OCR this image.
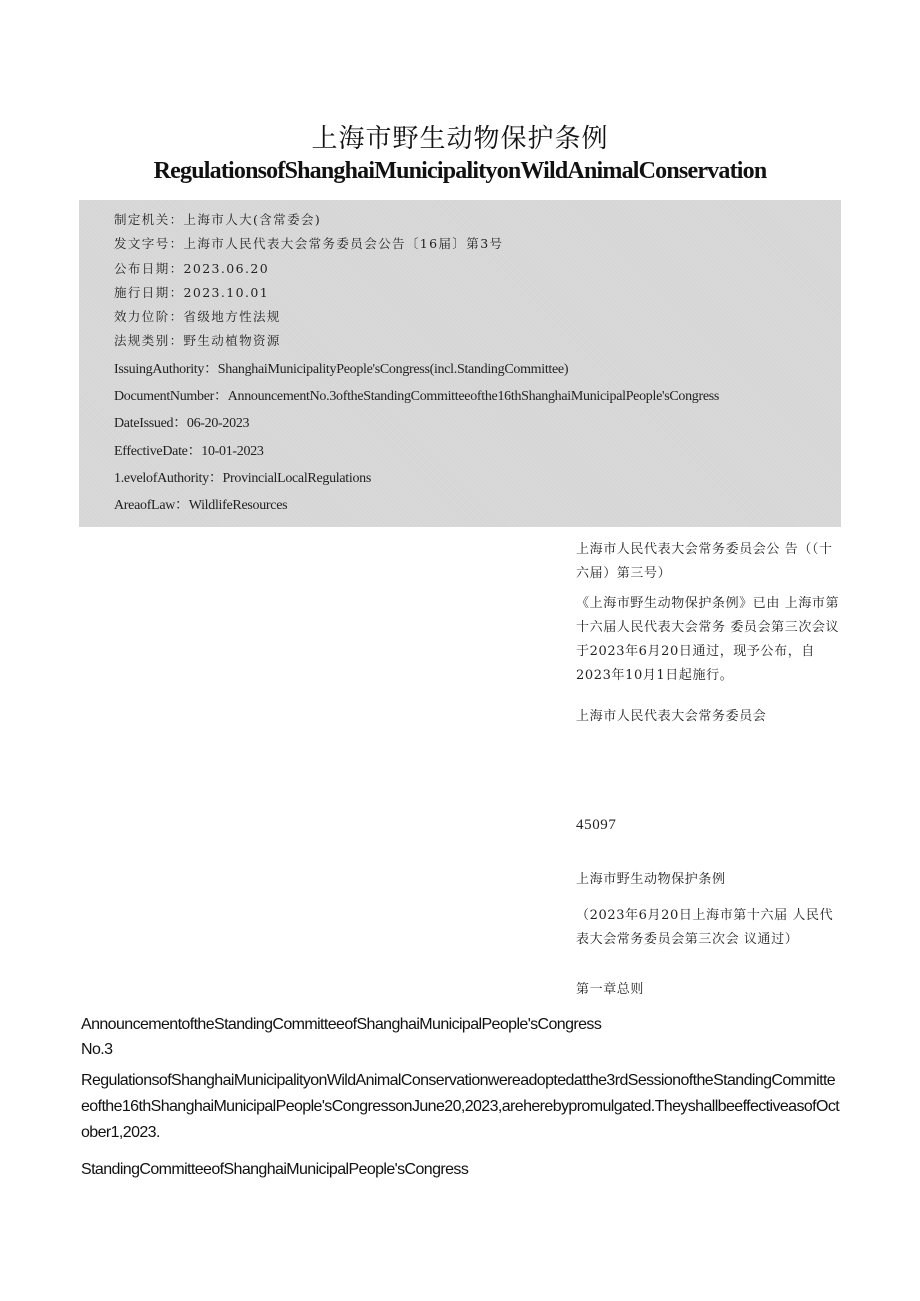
上海市野生动物保护条例
RegulationsofShanghaiMunicipalityonWildAnimalConservation
制定机关：上海市人大(含常委会)
发文字号：上海市人民代表大会常务委员会公告〔16届〕第3号
公布日期：2023.06.20
施行日期：2023.10.01
效力位阶：省级地方性法规
法规类别：野生动植物资源
IssuingAuthority：ShanghaiMunicipalityPeople'sCongress(incl.StandingCommittee)
DocumentNumber：AnnouncementNo.3oftheStandingCommitteeofthe16thShanghaiMunicipalPeople'sCongress
DateIssued：06-20-2023
EffectiveDate：10-01-2023
1.evelofAuthority：ProvincialLocalRegulations
AreaofLaw：WildlifeResources
上海市人民代表大会常务委员会公 告（（十六届）第三号）
《上海市野生动物保护条例》已由 上海市第十六届人民代表大会常务 委员会第三次会议于2023年6月20日通过，现予公布，自2023年10月1日起施行。
上海市人民代表大会常务委员会
45097
上海市野生动物保护条例
（2023年6月20日上海市第十六届 人民代表大会常务委员会第三次会 议通过）
第一章总则
AnnouncementoftheStandingCommitteeofShanghaiMunicipalPeople'sCongress
No.3
RegulationsofShanghaiMunicipalityonWildAnimalConservationwereadoptedatthe3rdSessionoftheStandingCommitteeofthe16thShanghaiMunicipalPeople'sCongressonJune20,2023,areherebypromulgated.TheyshallbeeffectiveasofOctober1,2023.
StandingCommitteeofShanghaiMunicipalPeople'sCongress
